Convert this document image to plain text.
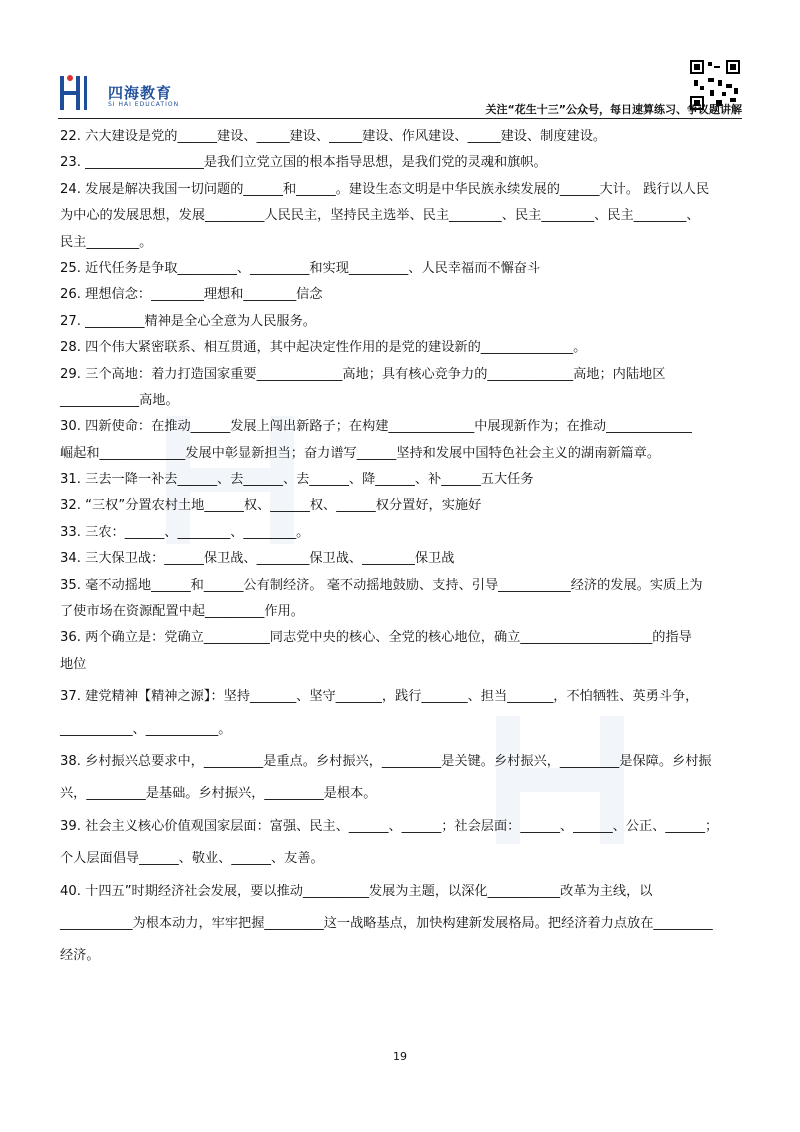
四海教育
SI HAI EDUCATION	关注“花生十三”公众号，每日速算练习、争议题讲解
22. 六大建设是党的______建设、_____建设、_____建设、作风建设、_____建设、制度建设。
23. __________________是我们立党立国的根本指导思想，是我们党的灵魂和旗帜。
24. 发展是解决我国一切问题的______和______。建设生态文明是中华民族永续发展的______大计。 践行以人民
为中心的发展思想，发展_________人民民主，坚持民主选举、民主________、民主________、民主________、
民主________。
25. 近代任务是争取_________、_________和实现_________、人民幸福而不懈奋斗
26. 理想信念：________理想和________信念
27. _________精神是全心全意为人民服务。
28. 四个伟大紧密联系、相互贯通，其中起决定性作用的是党的建设新的______________。
29. 三个高地：着力打造国家重要_____________高地；具有核心竞争力的_____________高地；内陆地区
____________高地。
30. 四新使命：在推动______发展上闯出新路子；在构建_____________中展现新作为；在推动_____________
崛起和_____________发展中彰显新担当；奋力谱写______坚持和发展中国特色社会主义的湖南新篇章。
31. 三去一降一补去______、去______、去______、降______、补______五大任务
32. “三权”分置农村土地______权、______权、______权分置好，实施好
33. 三农：______、________、________。
34. 三大保卫战：______保卫战、________保卫战、________保卫战
35. 毫不动摇地______和______公有制经济。 毫不动摇地鼓励、支持、引导___________经济的发展。实质上为
了使市场在资源配置中起_________作用。
36. 两个确立是：党确立__________同志党中央的核心、全党的核心地位，确立____________________的指导
地位
37. 建党精神【精神之源】：坚持_______、坚守_______，践行_______、担当_______，不怕牺牲、英勇斗争，
___________、___________。
38. 乡村振兴总要求中，_________是重点。乡村振兴，_________是关键。乡村振兴，_________是保障。乡村振
兴，_________是基础。乡村振兴，_________是根本。
39. 社会主义核心价值观国家层面：富强、民主、______、______；社会层面：______、______、公正、______；
个人层面倡导______、敬业、______、友善。
40. 十四五”时期经济社会发展，要以推动__________发展为主题，以深化___________改革为主线，以
___________为根本动力，牢牢把握_________这一战略基点，加快构建新发展格局。把经济着力点放在_________
经济。
19
